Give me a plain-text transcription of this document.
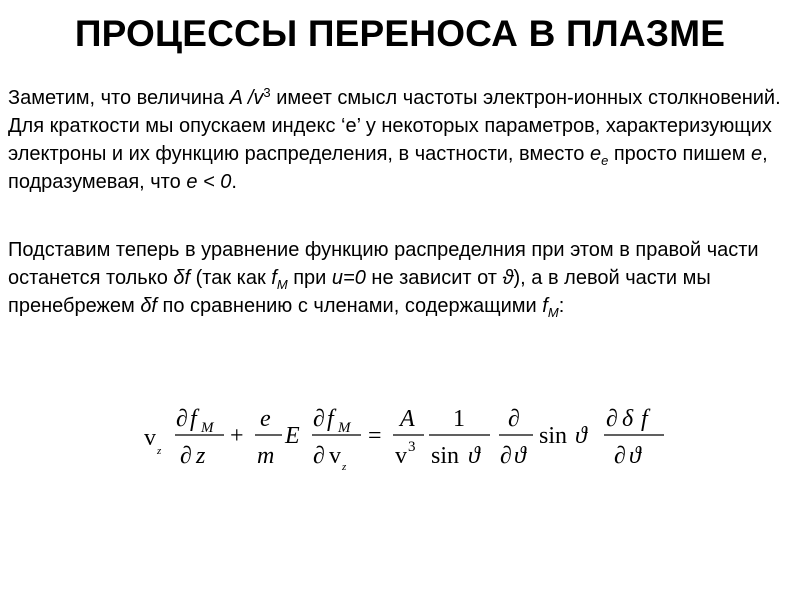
ПРОЦЕССЫ ПЕРЕНОСА В ПЛАЗМЕ
Заметим, что величина A $/v^3$ имеет смысл частоты электрон-ионных столкновений. Для краткости мы опускаем индекс ‘e’ у некоторых параметров, характеризующих электроны и их функцию распределения, в частности, вместо $e_e$ просто пишем e, подразумевая, что e < 0.
Подставим теперь в уравнение функцию распределния при этом в правой части останется только δf (так как $f_M$ при u=0 не зависит от ϑ), а в левой части мы пренебрежем δf по сравнению с членами, содержащими $f_M$:
v z
∂ f M
∂ z
+
e
m
E
∂ f M
∂ v z
=
A
v 3
1
sin ϑ
∂
∂ ϑ
sin ϑ
∂ δ f
∂ ϑ
